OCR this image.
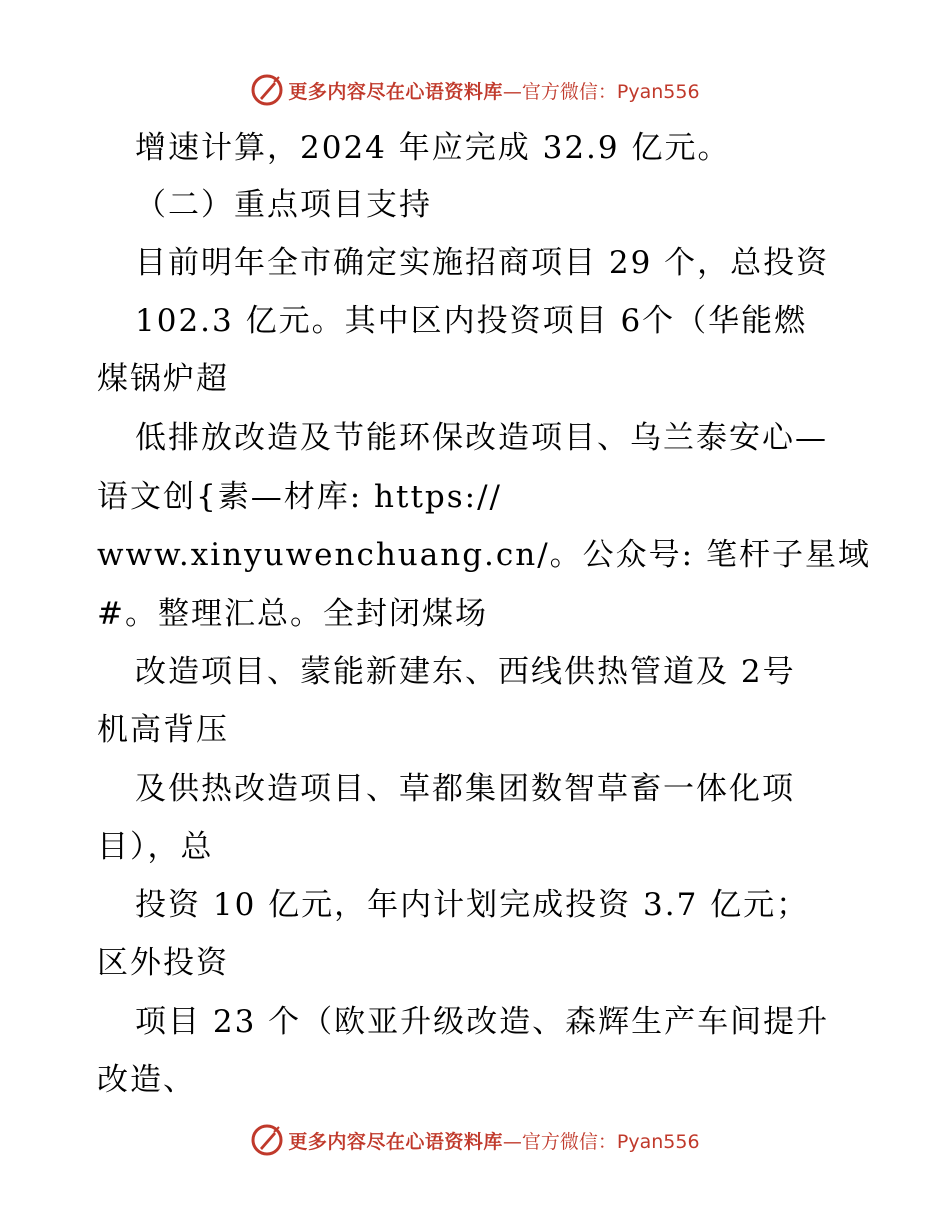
更多内容尽在心语资料库 —官方微信：Pyan556
增速计算，2024 年应完成 32.9 亿元。
（二）重点项目支持
目前明年全市确定实施招商项目 29 个，总投资
102.3 亿元。其中区内投资项目 6个（华能燃
煤锅炉超
低排放改造及节能环保改造项目、乌兰泰安心—
语文创{素—材库: https://
www.xinyuwenchuang.cn/。公众号: 笔杆子星域
#。整理汇总。全封闭煤场
改造项目、蒙能新建东、西线供热管道及 2号
机高背压
及供热改造项目、草都集团数智草畜一体化项
目），总
投资 10 亿元，年内计划完成投资 3.7 亿元；
区外投资
项目 23 个（欧亚升级改造、森辉生产车间提升
改造、
更多内容尽在心语资料库 —官方微信：Pyan556
